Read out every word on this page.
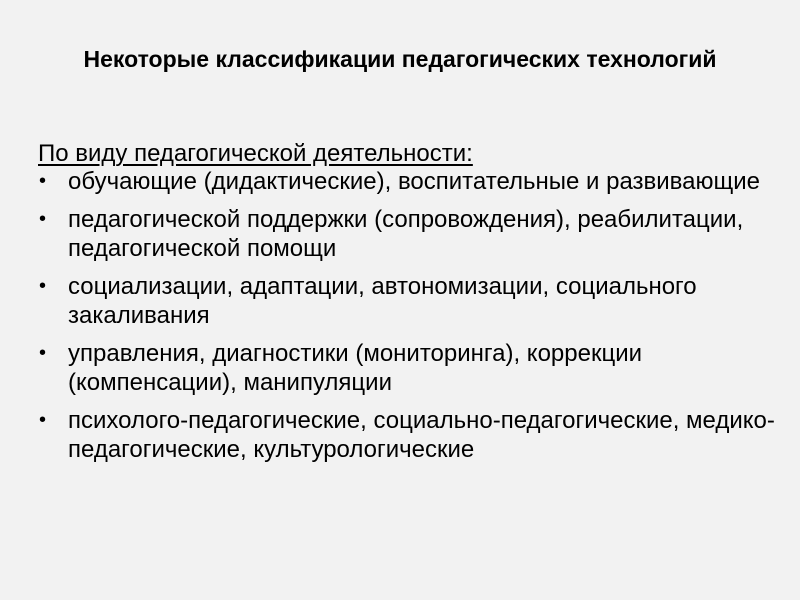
Некоторые классификации педагогических технологий
По виду педагогической деятельности:
• обучающие (дидактические), воспитательные и развивающие
• педагогической поддержки (сопровождения), реабилитации, педагогической помощи
• социализации, адаптации, автономизации, социального закаливания
• управления, диагностики (мониторинга), коррекции (компенсации), манипуляции
• психолого-педагогические, социально-педагогические, медико-педагогические, культурологические
